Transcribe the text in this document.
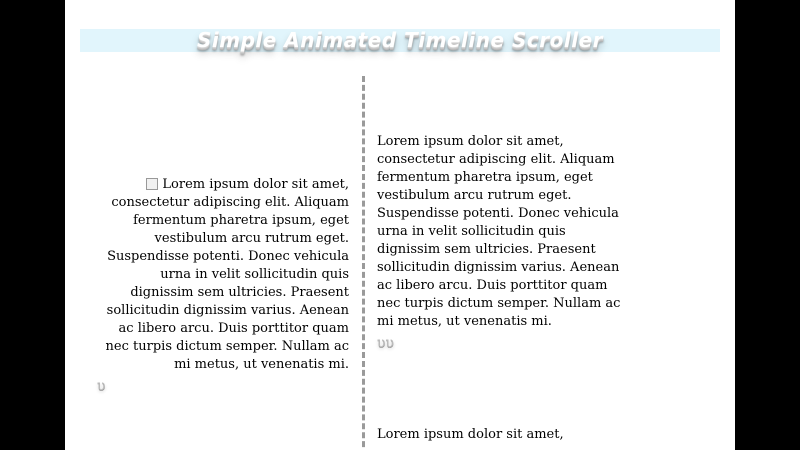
Simple Animated Timeline Scroller

Lorem ipsum dolor sit amet, consectetur adipiscing elit. Aliquam fermentum pharetra ipsum, eget vestibulum arcu rutrum eget. Suspendisse potenti. Donec vehicula urna in velit sollicitudin quis dignissim sem ultricies. Praesent sollicitudin dignissim varius. Aenean ac libero arcu. Duis porttitor quam nec turpis dictum semper. Nullam ac mi metus, ut venenatis mi.

υ

Lorem ipsum dolor sit amet, consectetur adipiscing elit. Aliquam fermentum pharetra ipsum, eget vestibulum arcu rutrum eget. Suspendisse potenti. Donec vehicula urna in velit sollicitudin quis dignissim sem ultricies. Praesent sollicitudin dignissim varius. Aenean ac libero arcu. Duis porttitor quam nec turpis dictum semper. Nullam ac mi metus, ut venenatis mi.

υυ

Lorem ipsum dolor sit amet,
